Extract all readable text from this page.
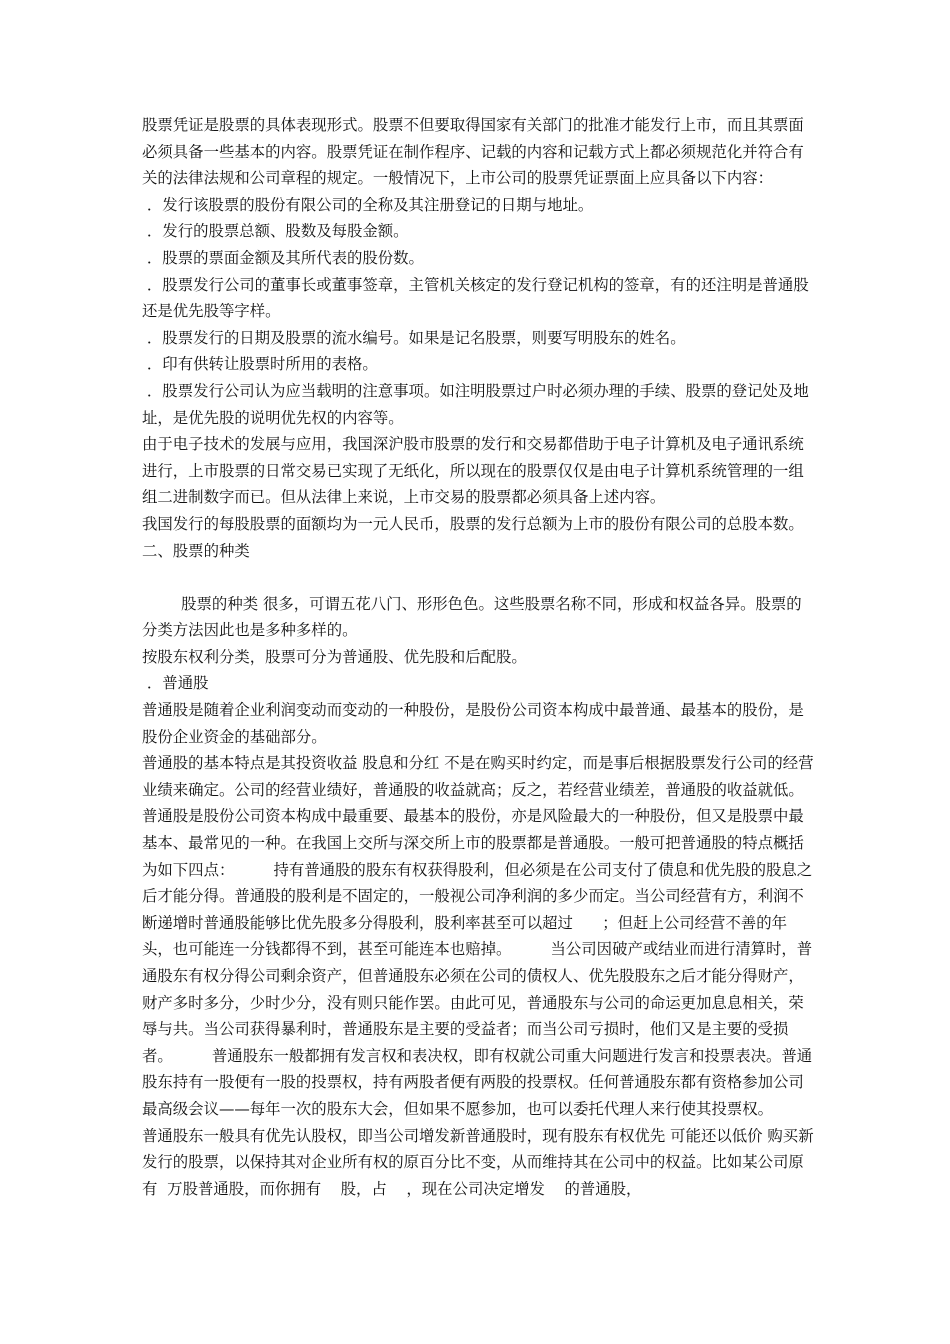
股票凭证是股票的具体表现形式。股票不但要取得国家有关部门的批准才能发行上市，而且其票面必须具备一些基本的内容。股票凭证在制作程序、记载的内容和记载方式上都必须规范化并符合有关的法律法规和公司章程的规定。一般情况下，上市公司的股票凭证票面上应具备以下内容：

．发行该股票的股份有限公司的全称及其注册登记的日期与地址。

．发行的股票总额、股数及每股金额。

．股票的票面金额及其所代表的股份数。

．股票发行公司的董事长或董事签章，主管机关核定的发行登记机构的签章，有的还注明是普通股还是优先股等字样。

．股票发行的日期及股票的流水编号。如果是记名股票，则要写明股东的姓名。

．印有供转让股票时所用的表格。

．股票发行公司认为应当载明的注意事项。如注明股票过户时必须办理的手续、股票的登记处及地址，是优先股的说明优先权的内容等。

由于电子技术的发展与应用，我国深沪股市股票的发行和交易都借助于电子计算机及电子通讯系统进行，上市股票的日常交易已实现了无纸化，所以现在的股票仅仅是由电子计算机系统管理的一组组二进制数字而已。但从法律上来说，上市交易的股票都必须具备上述内容。

我国发行的每股股票的面额均为一元人民币，股票的发行总额为上市的股份有限公司的总股本数。

二、股票的种类

股票的种类 很多，可谓五花八门、形形色色。这些股票名称不同，形成和权益各异。股票的分类方法因此也是多种多样的。

按股东权利分类，股票可分为普通股、优先股和后配股。

．普通股

普通股是随着企业利润变动而变动的一种股份，是股份公司资本构成中最普通、最基本的股份，是股份企业资金的基础部分。

普通股的基本特点是其投资收益 股息和分红 不是在购买时约定，而是事后根据股票发行公司的经营业绩来确定。公司的经营业绩好，普通股的收益就高；反之，若经营业绩差，普通股的收益就低。普通股是股份公司资本构成中最重要、最基本的股份，亦是风险最大的一种股份，但又是股票中最基本、最常见的一种。在我国上交所与深交所上市的股票都是普通股。一般可把普通股的特点概括为如下四点：        持有普通股的股东有权获得股利，但必须是在公司支付了债息和优先股的股息之后才能分得。普通股的股利是不固定的，一般视公司净利润的多少而定。当公司经营有方，利润不断递增时普通股能够比优先股多分得股利，股利率甚至可以超过      ；但赶上公司经营不善的年头，也可能连一分钱都得不到，甚至可能连本也赔掉。        当公司因破产或结业而进行清算时，普通股东有权分得公司剩余资产，但普通股东必须在公司的债权人、优先股股东之后才能分得财产，财产多时多分，少时少分，没有则只能作罢。由此可见，普通股东与公司的命运更加息息相关，荣辱与共。当公司获得暴利时，普通股东是主要的受益者；而当公司亏损时，他们又是主要的受损者。        普通股东一般都拥有发言权和表决权，即有权就公司重大问题进行发言和投票表决。普通股东持有一股便有一股的投票权，持有两股者便有两股的投票权。任何普通股东都有资格参加公司最高级会议——每年一次的股东大会，但如果不愿参加，也可以委托代理人来行使其投票权。        普通股东一般具有优先认股权，即当公司增发新普通股时，现有股东有权优先 可能还以低价 购买新发行的股票，以保持其对企业所有权的原百分比不变，从而维持其在公司中的权益。比如某公司原有  万股普通股，而你拥有    股，占    ，现在公司决定增发    的普通股，
